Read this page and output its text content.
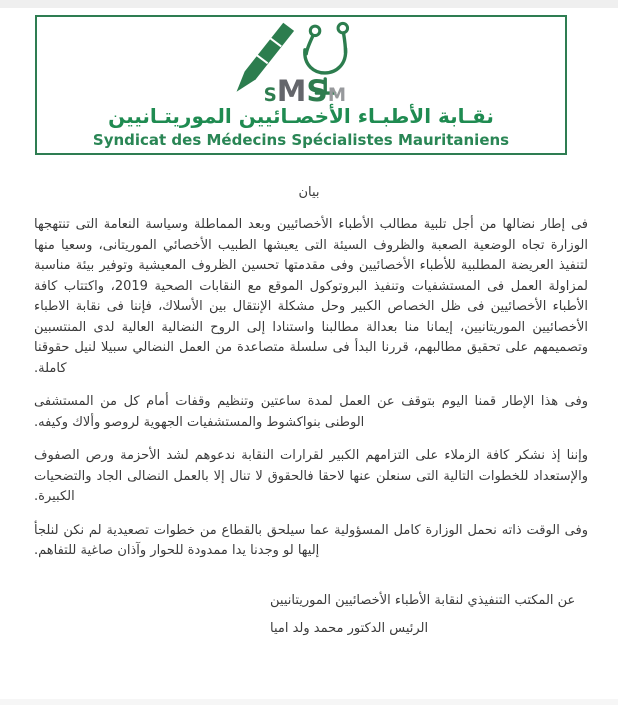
SMSM
نقـابة الأطبـاء الأخصـائيين الموريتـانيين
Syndicat des Médecins Spécialistes Mauritaniens
بيان

فى إطار نضالها من أجل تلبية مطالب الأطباء الأخصائيين وبعد المماطلة وسياسة النعامة التى تنتهجها الوزارة تجاه الوضعية الصعبة والظروف السيئة التى يعيشها الطبيب الأخصائي الموريتانى، وسعيا منها لتنفيذ العريضة المطلبية للأطباء الأخصائيين وفى مقدمتها تحسين الظروف المعيشية وتوفير بيئة مناسبة لمزاولة العمل فى المستشفيات وتنفيذ البروتوكول الموقع مع النقابات الصحية 2019، واكتتاب كافة الأطباء الأخصائيين فى ظل الخصاص الكبير وحل مشكلة الإنتقال بين الأسلاك، فإننا فى نقابة الاطباء الأخصائيين الموريتانيين، إيمانا منا بعدالة مطالبنا واستنادا إلى الروح النضالية العالية لدى المنتسبين وتصميمهم على تحقيق مطالبهم، قررنا البدأ فى سلسلة متصاعدة من العمل النضالي سبيلا لنيل حقوقنا كاملة.

وفى هذا الإطار قمنا اليوم بتوقف عن العمل لمدة ساعتين وتنظيم وقفات أمام كل من المستشفى الوطنى بنواكشوط والمستشفيات الجهوية لروصو وألاك وكيفه.

وإننا إذ نشكر كافة الزملاء على التزامهم الكبير لقرارات النقابة ندعوهم لشد الأحزمة ورص الصفوف والإستعداد للخطوات التالية التى سنعلن عنها لاحقا فالحقوق لا تنال إلا بالعمل النضالى الجاد والتضحيات الكبيرة.

وفى الوقت ذاته نحمل الوزارة كامل المسؤولية عما سيلحق بالقطاع من خطوات تصعيدية لم نكن لنلجأ إليها لو وجدنا يدا ممدودة للحوار وآذان صاغية للتفاهم.

عن المكتب التنفيذي لنقابة الأطباء الأخصائيين الموريتانيين
الرئيس الدكتور محمد ولد اميا
